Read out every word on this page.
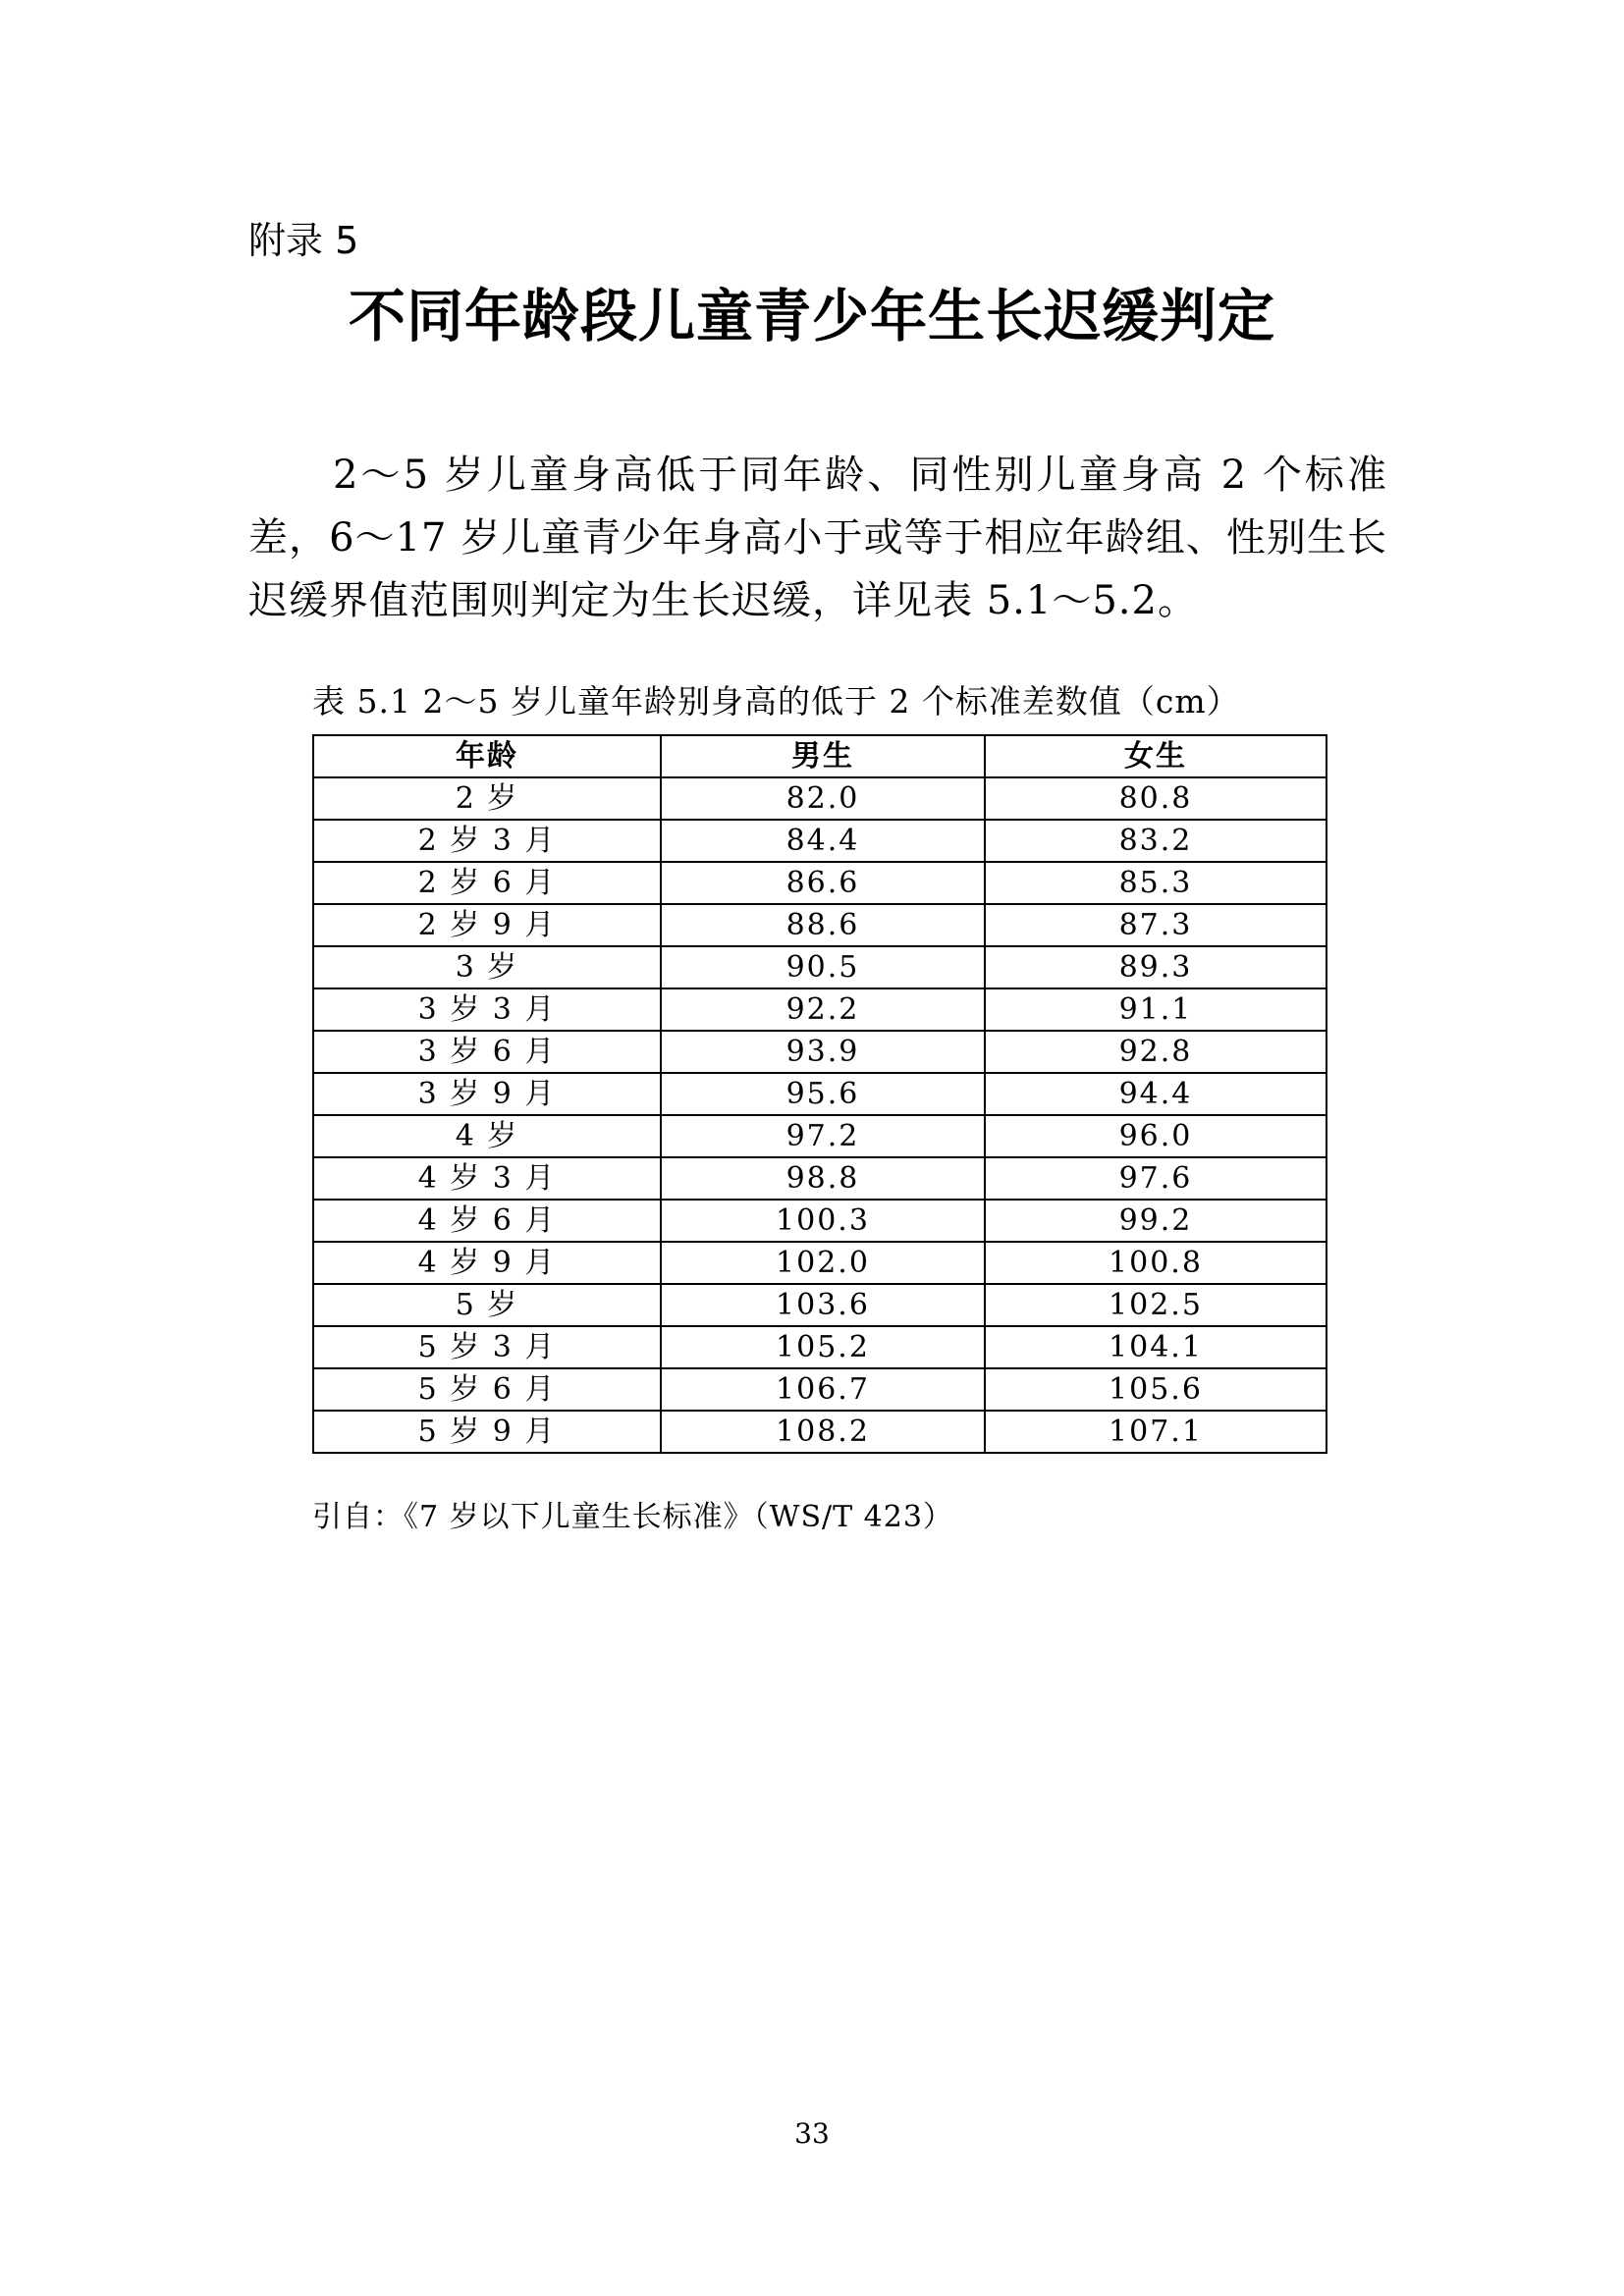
附录 5
不同年龄段儿童青少年生长迟缓判定

2～5 岁儿童身高低于同年龄、同性别儿童身高 2 个标准差，6～17 岁儿童青少年身高小于或等于相应年龄组、性别生长迟缓界值范围则判定为生长迟缓，详见表 5.1～5.2。

表 5.1 2～5 岁儿童年龄别身高的低于 2 个标准差数值（cm）
年龄	男生	女生
2 岁	82.0	80.8
2 岁 3 月	84.4	83.2
2 岁 6 月	86.6	85.3
2 岁 9 月	88.6	87.3
3 岁	90.5	89.3
3 岁 3 月	92.2	91.1
3 岁 6 月	93.9	92.8
3 岁 9 月	95.6	94.4
4 岁	97.2	96.0
4 岁 3 月	98.8	97.6
4 岁 6 月	100.3	99.2
4 岁 9 月	102.0	100.8
5 岁	103.6	102.5
5 岁 3 月	105.2	104.1
5 岁 6 月	106.7	105.6
5 岁 9 月	108.2	107.1
引自：《7 岁以下儿童生长标准》（WS/T 423）
33
